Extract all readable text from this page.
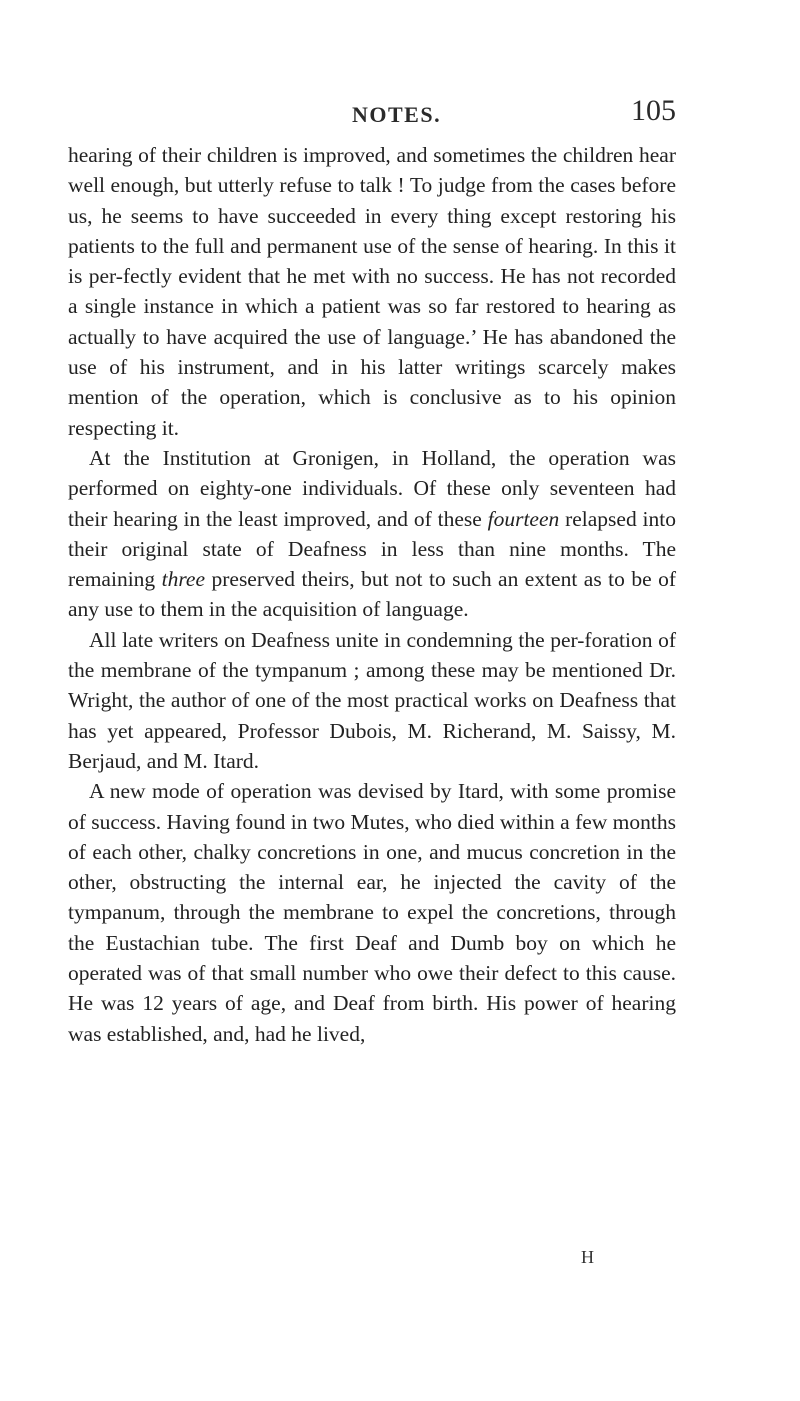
NOTES.	105

hearing of their children is improved, and sometimes the children hear well enough, but utterly refuse to talk ! To judge from the cases before us, he seems to have succeeded in every thing except restoring his patients to the full and permanent use of the sense of hearing. In this it is per-fectly evident that he met with no success. He has not recorded a single instance in which a patient was so far restored to hearing as actually to have acquired the use of language.’ He has abandoned the use of his instrument, and in his latter writings scarcely makes mention of the operation, which is conclusive as to his opinion respecting it.

At the Institution at Gronigen, in Holland, the operation was performed on eighty-one individuals. Of these only seventeen had their hearing in the least improved, and of these fourteen relapsed into their original state of Deafness in less than nine months. The remaining three preserved theirs, but not to such an extent as to be of any use to them in the acquisition of language.

All late writers on Deafness unite in condemning the per-foration of the membrane of the tympanum ; among these may be mentioned Dr. Wright, the author of one of the most practical works on Deafness that has yet appeared, Professor Dubois, M. Richerand, M. Saissy, M. Berjaud, and M. Itard.

A new mode of operation was devised by Itard, with some promise of success. Having found in two Mutes, who died within a few months of each other, chalky concretions in one, and mucus concretion in the other, obstructing the internal ear, he injected the cavity of the tympanum, through the membrane to expel the concretions, through the Eustachian tube. The first Deaf and Dumb boy on which he operated was of that small number who owe their defect to this cause. He was 12 years of age, and Deaf from birth. His power of hearing was established, and, had he lived,

H
